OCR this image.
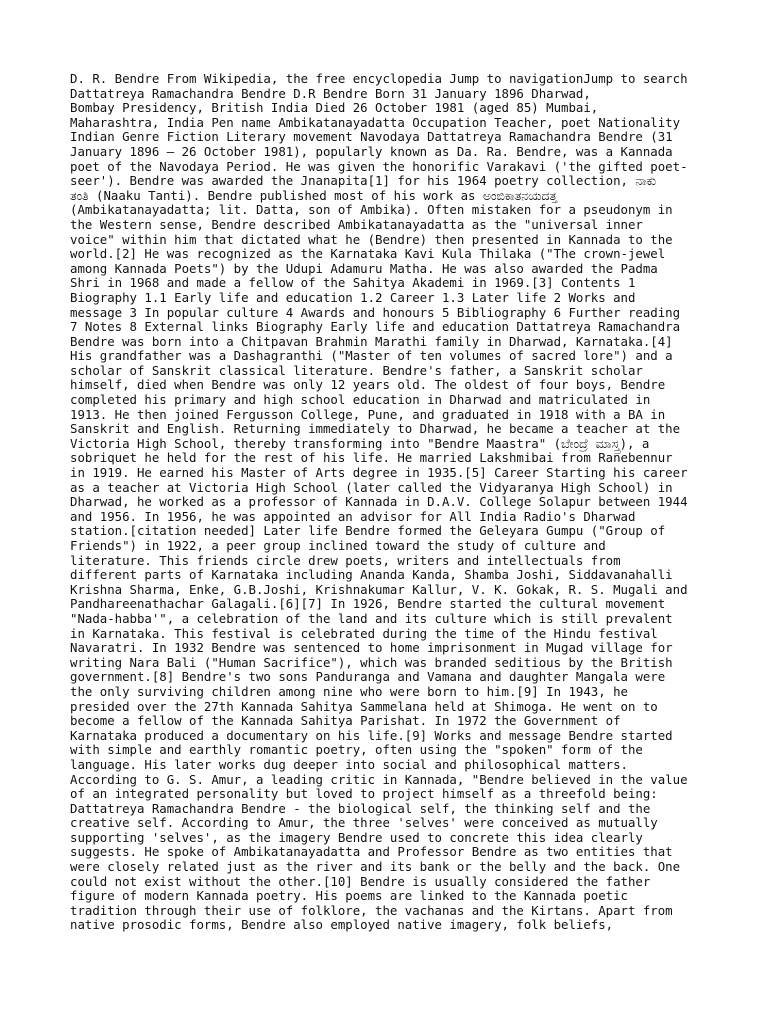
D. R. Bendre From Wikipedia, the free encyclopedia Jump to navigationJump to search
Dattatreya Ramachandra Bendre D.R Bendre Born 31 January 1896 Dharwad,
Bombay Presidency, British India Died 26 October 1981 (aged 85) Mumbai,
Maharashtra, India Pen name Ambikatanayadatta Occupation Teacher, poet Nationality
Indian Genre Fiction Literary movement Navodaya Dattatreya Ramachandra Bendre (31
January 1896 – 26 October 1981), popularly known as Da. Ra. Bendre, was a Kannada
poet of the Navodaya Period. He was given the honorific Varakavi ('the gifted poet-
seer'). Bendre was awarded the Jnanapita[1] for his 1964 poetry collection, ನಾಕು
ತಂತಿ (Naaku Tanti). Bendre published most of his work as ಅಂಬಿಕಾತನಯದತ್ತ
(Ambikatanayadatta; lit. Datta, son of Ambika). Often mistaken for a pseudonym in
the Western sense, Bendre described Ambikatanayadatta as the "universal inner
voice" within him that dictated what he (Bendre) then presented in Kannada to the
world.[2] He was recognized as the Karnataka Kavi Kula Thilaka ("The crown-jewel
among Kannada Poets") by the Udupi Adamuru Matha. He was also awarded the Padma
Shri in 1968 and made a fellow of the Sahitya Akademi in 1969.[3] Contents 1
Biography 1.1 Early life and education 1.2 Career 1.3 Later life 2 Works and
message 3 In popular culture 4 Awards and honours 5 Bibliography 6 Further reading
7 Notes 8 External links Biography Early life and education Dattatreya Ramachandra
Bendre was born into a Chitpavan Brahmin Marathi family in Dharwad, Karnataka.[4]
His grandfather was a Dashagranthi ("Master of ten volumes of sacred lore") and a
scholar of Sanskrit classical literature. Bendre's father, a Sanskrit scholar
himself, died when Bendre was only 12 years old. The oldest of four boys, Bendre
completed his primary and high school education in Dharwad and matriculated in
1913. He then joined Fergusson College, Pune, and graduated in 1918 with a BA in
Sanskrit and English. Returning immediately to Dharwad, he became a teacher at the
Victoria High School, thereby transforming into "Bendre Maastra" (ಬೇಂದ್ರೆ ಮಾಸ್ತ್ರ), a
sobriquet he held for the rest of his life. He married Lakshmibai from Ranebennur
in 1919. He earned his Master of Arts degree in 1935.[5] Career Starting his career
as a teacher at Victoria High School (later called the Vidyaranya High School) in
Dharwad, he worked as a professor of Kannada in D.A.V. College Solapur between 1944
and 1956. In 1956, he was appointed an advisor for All India Radio's Dharwad
station.[citation needed] Later life Bendre formed the Geleyara Gumpu ("Group of
Friends") in 1922, a peer group inclined toward the study of culture and
literature. This friends circle drew poets, writers and intellectuals from
different parts of Karnataka including Ananda Kanda, Shamba Joshi, Siddavanahalli
Krishna Sharma, Enke, G.B.Joshi, Krishnakumar Kallur, V. K. Gokak, R. S. Mugali and
Pandhareenathachar Galagali.[6][7] In 1926, Bendre started the cultural movement
"Nada-habba'", a celebration of the land and its culture which is still prevalent
in Karnataka. This festival is celebrated during the time of the Hindu festival
Navaratri. In 1932 Bendre was sentenced to home imprisonment in Mugad village for
writing Nara Bali ("Human Sacrifice"), which was branded seditious by the British
government.[8] Bendre's two sons Panduranga and Vamana and daughter Mangala were
the only surviving children among nine who were born to him.[9] In 1943, he
presided over the 27th Kannada Sahitya Sammelana held at Shimoga. He went on to
become a fellow of the Kannada Sahitya Parishat. In 1972 the Government of
Karnataka produced a documentary on his life.[9] Works and message Bendre started
with simple and earthly romantic poetry, often using the "spoken" form of the
language. His later works dug deeper into social and philosophical matters.
According to G. S. Amur, a leading critic in Kannada, "Bendre believed in the value
of an integrated personality but loved to project himself as a threefold being:
Dattatreya Ramachandra Bendre - the biological self, the thinking self and the
creative self. According to Amur, the three 'selves' were conceived as mutually
supporting 'selves', as the imagery Bendre used to concrete this idea clearly
suggests. He spoke of Ambikatanayadatta and Professor Bendre as two entities that
were closely related just as the river and its bank or the belly and the back. One
could not exist without the other.[10] Bendre is usually considered the father
figure of modern Kannada poetry. His poems are linked to the Kannada poetic
tradition through their use of folklore, the vachanas and the Kirtans. Apart from
native prosodic forms, Bendre also employed native imagery, folk beliefs,
